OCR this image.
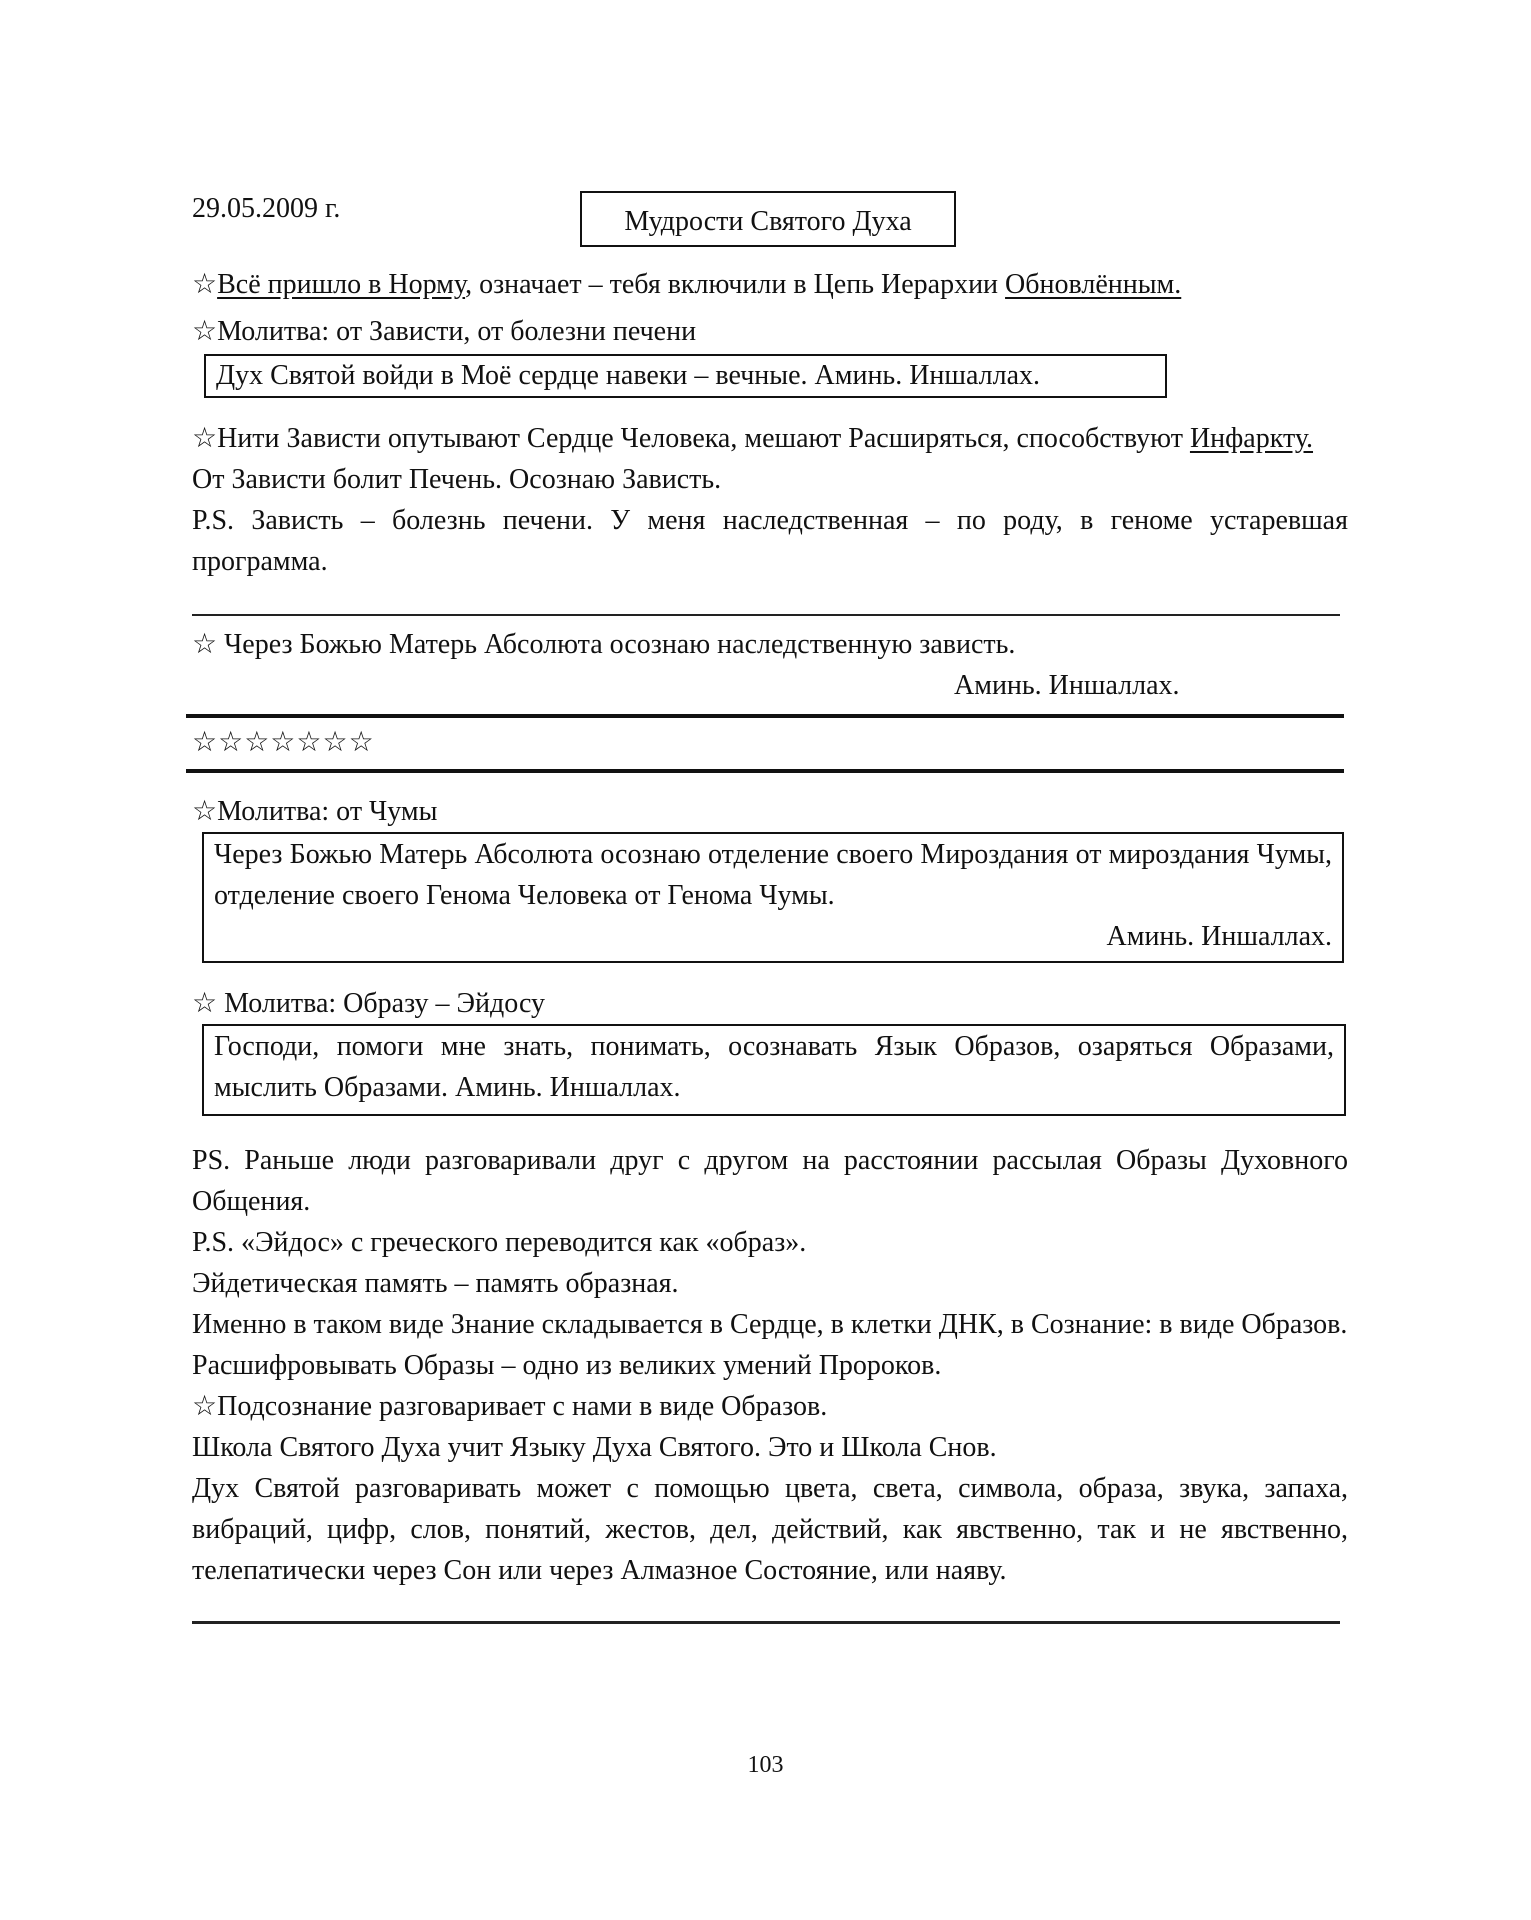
29.05.2009 г.	Мудрости Святого Духа
☆Всё пришло в Норму, означает – тебя включили в Цепь Иерархии Обновлённым.
☆Молитва: от Зависти, от болезни печени
Дух Святой войди в Моё сердце навеки – вечные. Аминь. Иншаллах.
☆Нити Зависти опутывают Сердце Человека, мешают Расширяться, способствуют Инфаркту.
От Зависти болит Печень. Осознаю Зависть.
P.S. Зависть – болезнь печени. У меня наследственная – по роду, в геноме устаревшая программа.
☆ Через Божью Матерь Абсолюта осознаю наследственную зависть.
Аминь. Иншаллах.
☆☆☆☆☆☆☆
☆Молитва: от Чумы
Через Божью Матерь Абсолюта осознаю отделение своего Мироздания от мироздания Чумы, отделение своего Генома Человека от Генома Чумы.
Аминь. Иншаллах.
☆ Молитва: Образу – Эйдосу
Господи, помоги мне знать, понимать, осознавать Язык Образов, озаряться Образами, мыслить Образами. Аминь. Иншаллах.
PS. Раньше люди разговаривали друг с другом на расстоянии рассылая Образы Духовного Общения.
P.S. «Эйдос» с греческого переводится как «образ».
Эйдетическая память – память образная.
Именно в таком виде Знание складывается в Сердце, в клетки ДНК, в Сознание: в виде Образов.
Расшифровывать Образы – одно из великих умений Пророков.
☆Подсознание разговаривает с нами в виде Образов.
Школа Святого Духа учит Языку Духа Святого. Это и Школа Снов.
Дух Святой разговаривать может с помощью цвета, света, символа, образа, звука, запаха, вибраций, цифр, слов, понятий, жестов, дел, действий, как явственно, так и не явственно, телепатически через Сон или через Алмазное Состояние, или наяву.
103
